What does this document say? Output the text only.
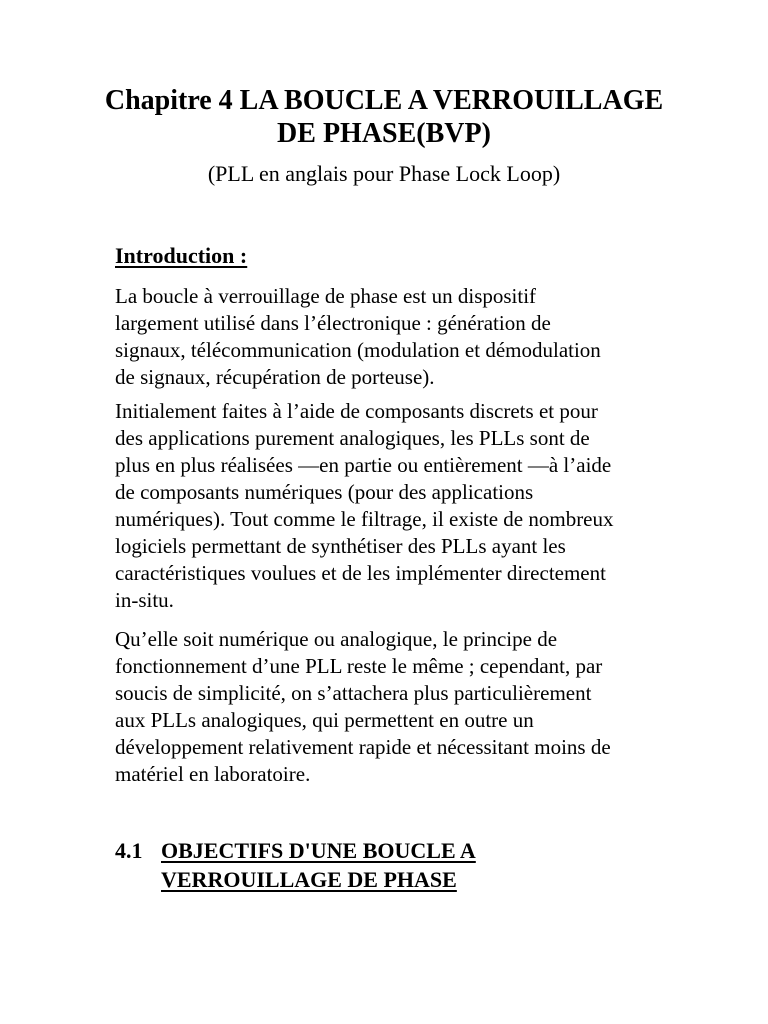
Chapitre 4 LA BOUCLE A VERROUILLAGE
DE PHASE(BVP)
(PLL en anglais pour Phase Lock Loop)
Introduction :

La boucle à verrouillage de phase est un dispositif
largement utilisé dans l’électronique : génération de
signaux, télécommunication (modulation et démodulation
de signaux, récupération de porteuse).

Initialement faites à l’aide de composants discrets et pour
des applications purement analogiques, les PLLs sont de
plus en plus réalisées —en partie ou entièrement —à l’aide
de composants numériques (pour des applications
numériques). Tout comme le filtrage, il existe de nombreux
logiciels permettant de synthétiser des PLLs ayant les
caractéristiques voulues et de les implémenter directement
in-situ.

Qu’elle soit numérique ou analogique, le principe de
fonctionnement d’une PLL reste le même ; cependant, par
soucis de simplicité, on s’attachera plus particulièrement
aux PLLs analogiques, qui permettent en outre un
développement relativement rapide et nécessitant moins de
matériel en laboratoire.

4.1 OBJECTIFS D'UNE BOUCLE A
VERROUILLAGE DE PHASE
